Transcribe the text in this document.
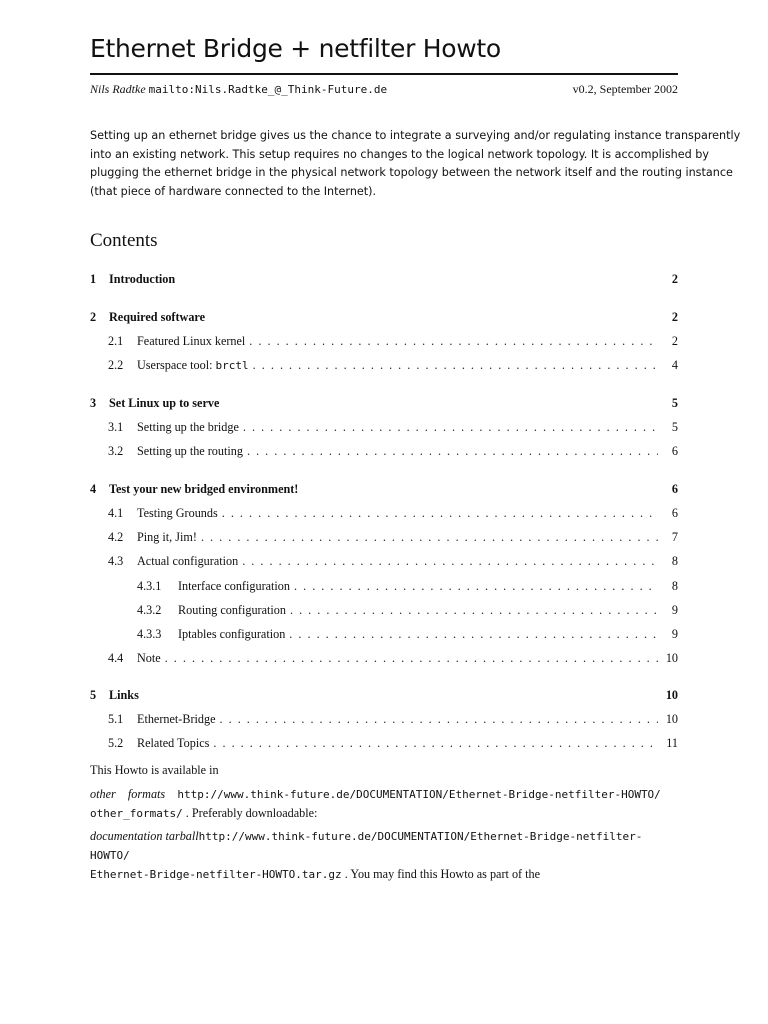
Ethernet Bridge + netfilter Howto
Nils Radtke mailto:Nils.Radtke_@_Think-Future.de	v0.2, September 2002

Setting up an ethernet bridge gives us the chance to integrate a surveying and/or regulating instance transparently
into an existing network. This setup requires no changes to the logical network topology. It is accomplished by
plugging the ethernet bridge in the physical network topology between the network itself and the routing instance
(that piece of hardware connected to the Internet).

Contents
1	Introduction	2
2	Required software	2
2.1	Featured Linux kernel . . .	2
2.2	Userspace tool: brctl . . .	4
3	Set Linux up to serve	5
3.1	Setting up the bridge . . .	5
3.2	Setting up the routing . . .	6
4	Test your new bridged environment!	6
4.1	Testing Grounds . . .	6
4.2	Ping it, Jim! . . .	7
4.3	Actual configuration . . .	8
4.3.1	Interface configuration . . .	8
4.3.2	Routing configuration . . .	9
4.3.3	Iptables configuration . . .	9
4.4	Note . . .	10
5	Links	10
5.1	Ethernet-Bridge . . .	10
5.2	Related Topics . . .	11

This Howto is available in

other    formats http://www.think-future.de/DOCUMENTATION/Ethernet-Bridge-netfilter-HOWTO/
other_formats/ . Preferably downloadable:

documentation tarballhttp://www.think-future.de/DOCUMENTATION/Ethernet-Bridge-netfilter-HOWTO/
Ethernet-Bridge-netfilter-HOWTO.tar.gz . You may find this Howto as part of the
